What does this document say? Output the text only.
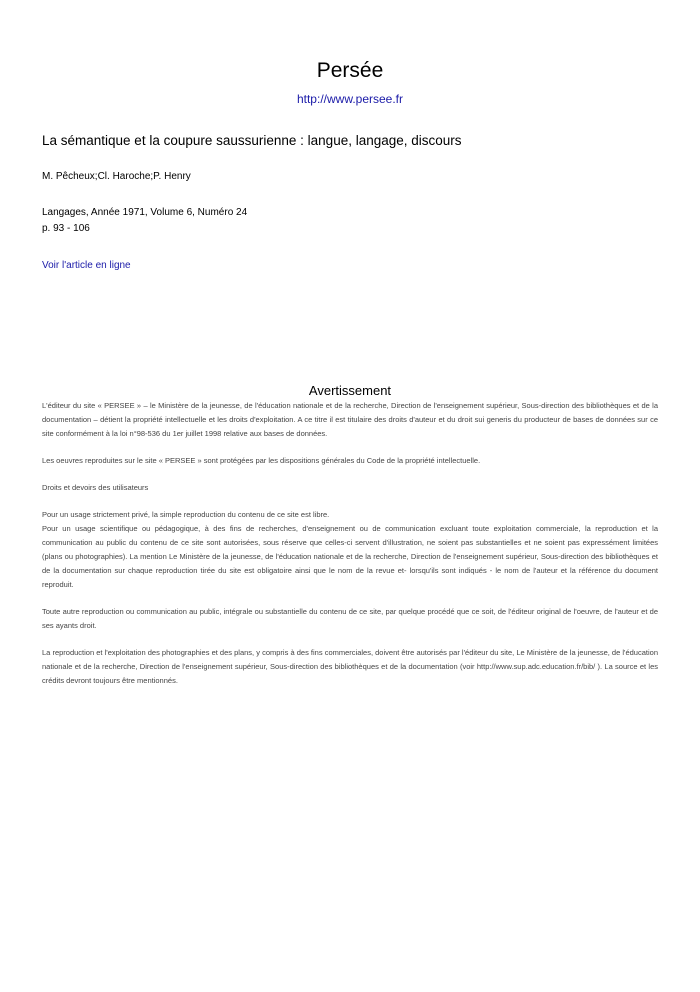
Persée
http://www.persee.fr
La sémantique et la coupure saussurienne : langue, langage, discours
M. Pêcheux;Cl. Haroche;P. Henry
Langages, Année 1971, Volume 6, Numéro 24
p. 93 - 106
Voir l'article en ligne
Avertissement

L'éditeur du site « PERSEE » – le Ministère de la jeunesse, de l'éducation nationale et de la recherche, Direction de l'enseignement supérieur, Sous-direction des bibliothèques et de la documentation – détient la propriété intellectuelle et les droits d'exploitation. A ce titre il est titulaire des droits d'auteur et du droit sui generis du producteur de bases de données sur ce site conformément à la loi n°98-536 du 1er juillet 1998 relative aux bases de données.

Les oeuvres reproduites sur le site « PERSEE » sont protégées par les dispositions générales du Code de la propriété intellectuelle.

Droits et devoirs des utilisateurs

Pour un usage strictement privé, la simple reproduction du contenu de ce site est libre.

Pour un usage scientifique ou pédagogique, à des fins de recherches, d'enseignement ou de communication excluant toute exploitation commerciale, la reproduction et la communication au public du contenu de ce site sont autorisées, sous réserve que celles-ci servent d'illustration, ne soient pas substantielles et ne soient pas expressément limitées (plans ou photographies). La mention Le Ministère de la jeunesse, de l'éducation nationale et de la recherche, Direction de l'enseignement supérieur, Sous-direction des bibliothèques et de la documentation sur chaque reproduction tirée du site est obligatoire ainsi que le nom de la revue et- lorsqu'ils sont indiqués - le nom de l'auteur et la référence du document reproduit.

Toute autre reproduction ou communication au public, intégrale ou substantielle du contenu de ce site, par quelque procédé que ce soit, de l'éditeur original de l'oeuvre, de l'auteur et de ses ayants droit.

La reproduction et l'exploitation des photographies et des plans, y compris à des fins commerciales, doivent être autorisés par l'éditeur du site, Le Ministère de la jeunesse, de l'éducation nationale et de la recherche, Direction de l'enseignement supérieur, Sous-direction des bibliothèques et de la documentation (voir http://www.sup.adc.education.fr/bib/ ). La source et les crédits devront toujours être mentionnés.
